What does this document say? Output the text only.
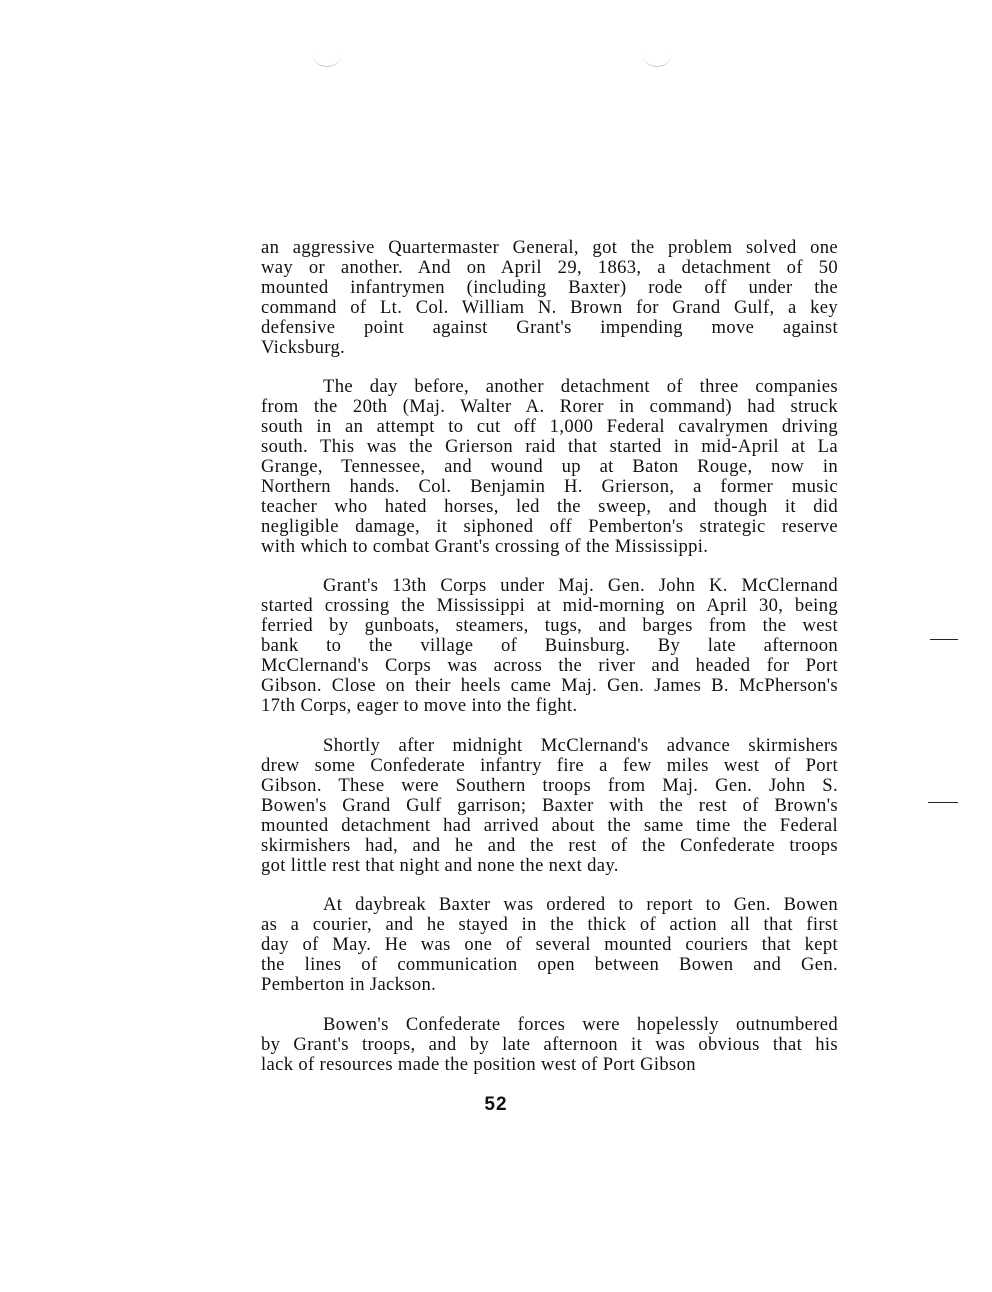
an aggressive Quartermaster General, got the problem solved one
way or another. And on April 29, 1863, a detachment of 50
mounted infantrymen (including Baxter) rode off under the
command of Lt. Col. William N. Brown for Grand Gulf, a key
defensive point against Grant's impending move against
Vicksburg.
The day before, another detachment of three companies
from the 20th (Maj. Walter A. Rorer in command) had struck
south in an attempt to cut off 1,000 Federal cavalrymen driving
south. This was the Grierson raid that started in mid-April at La
Grange, Tennessee, and wound up at Baton Rouge, now in
Northern hands. Col. Benjamin H. Grierson, a former music
teacher who hated horses, led the sweep, and though it did
negligible damage, it siphoned off Pemberton's strategic reserve
with which to combat Grant's crossing of the Mississippi.
Grant's 13th Corps under Maj. Gen. John K. McClernand
started crossing the Mississippi at mid-morning on April 30, being
ferried by gunboats, steamers, tugs, and barges from the west
bank to the village of Buinsburg. By late afternoon
McClernand's Corps was across the river and headed for Port
Gibson. Close on their heels came Maj. Gen. James B. McPherson's
17th Corps, eager to move into the fight.
Shortly after midnight McClernand's advance skirmishers
drew some Confederate infantry fire a few miles west of Port
Gibson. These were Southern troops from Maj. Gen. John S.
Bowen's Grand Gulf garrison; Baxter with the rest of Brown's
mounted detachment had arrived about the same time the Federal
skirmishers had, and he and the rest of the Confederate troops
got little rest that night and none the next day.
At daybreak Baxter was ordered to report to Gen. Bowen
as a courier, and he stayed in the thick of action all that first
day of May. He was one of several mounted couriers that kept
the lines of communication open between Bowen and Gen.
Pemberton in Jackson.
Bowen's Confederate forces were hopelessly outnumbered
by Grant's troops, and by late afternoon it was obvious that his
lack of resources made the position west of Port Gibson
52
